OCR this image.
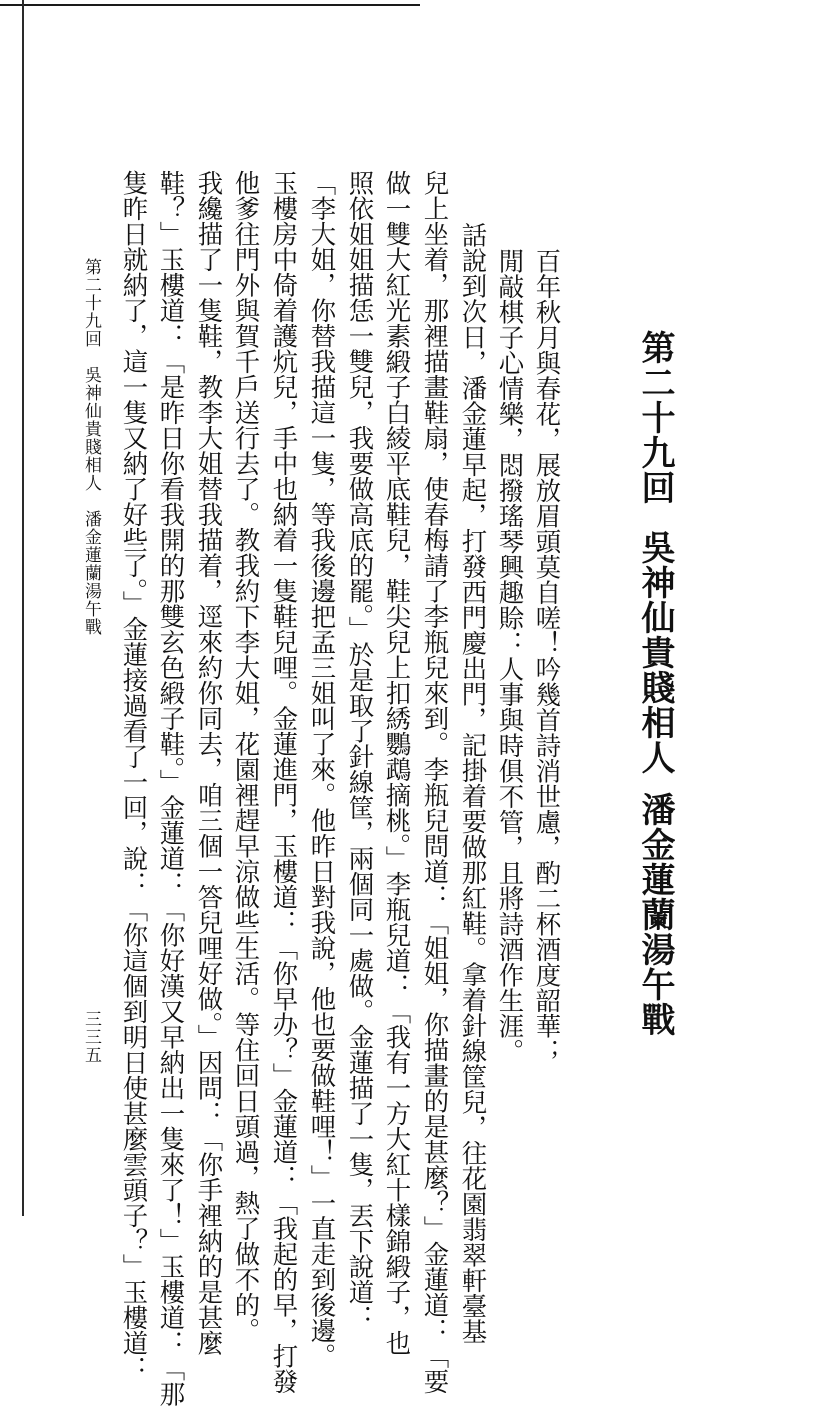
第二十九回
吳神仙貴賤相人
潘金蓮蘭湯午戰
百年秋月與春花，展放眉頭莫自嗟！吟幾首詩消世慮，酌二杯酒度韶華；
閒敲棋子心情樂，悶撥瑤琴興趣賒：人事與時俱不管，且將詩酒作生涯。
話說到次日，潘金蓮早起，打發西門慶出門，記掛着要做那紅鞋。拿着針線筐兒，往花園翡翠軒臺基
兒上坐着，那裡描畫鞋扇，使春梅請了李瓶兒來到。李瓶兒問道：「姐姐，你描畫的是甚麼？」金蓮道：「要
做一雙大紅光素緞子白綾平底鞋兒，鞋尖兒上扣綉鸚鵡摘桃。」李瓶兒道：「我有一方大紅十樣錦緞子，也
照依姐姐描恁一雙兒，我要做高底的罷。」於是取了針線筐，兩個同一處做。金蓮描了一隻，丟下說道：
「李大姐，你替我描這一隻，等我後邊把孟三姐叫了來。他昨日對我說，他也要做鞋哩！」一直走到後邊。
玉樓房中倚着護炕兒，手中也納着一隻鞋兒哩。金蓮進門，玉樓道：「你早办？」金蓮道：「我起的早，打發
他爹往門外與賀千戶送行去了。教我約下李大姐，花園裡趕早涼做些生活。等住回日頭過，熱了做不的。
我纔描了一隻鞋，教李大姐替我描着，逕來約你同去，咱三個一答兒哩好做。」因問：「你手裡納的是甚麼
鞋？」玉樓道：「是昨日你看我開的那雙玄色緞子鞋。」金蓮道：「你好漢又早納出一隻來了！」玉樓道：「那
隻昨日就納了，這一隻又納了好些了。」金蓮接過看了一回，說：「你這個到明日使甚麼雲頭子？」玉樓道：
第二十九回　吳神仙貴賤相人　潘金蓮蘭湯午戰
三三五
